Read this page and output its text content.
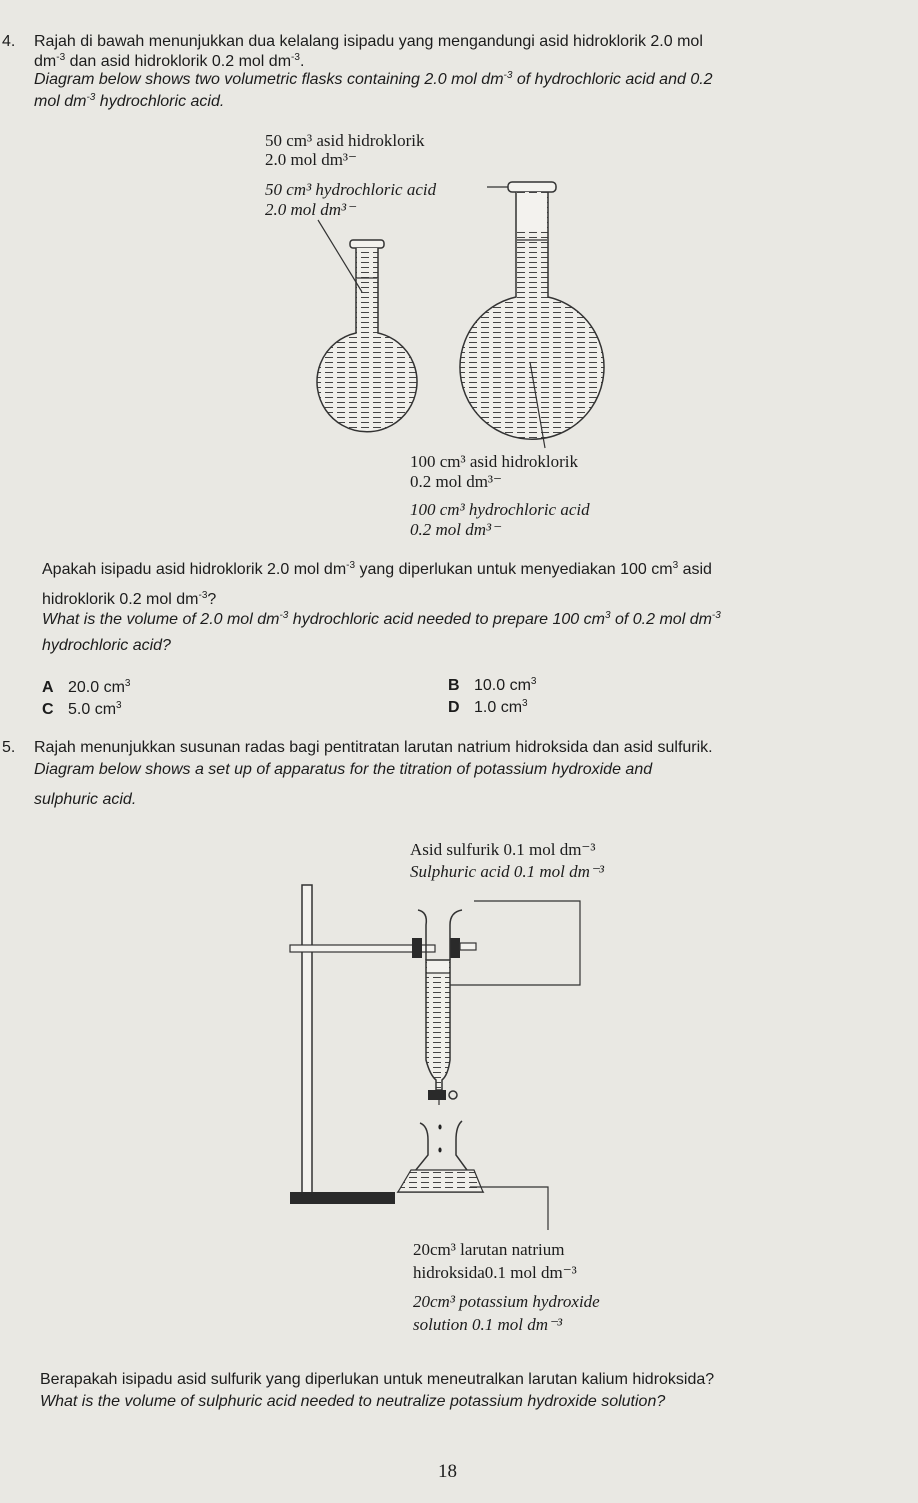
4. Rajah di bawah menunjukkan dua kelalang isipadu yang mengandungi asid hidroklorik 2.0 mol
$dm^{-3}$ dan asid hidroklorik 0.2 mol $dm^{-3}$.
Diagram below shows two volumetric flasks containing 2.0 mol $dm^{-3}$ of hydrochloric acid and 0.2
mol $dm^{-3}$ hydrochloric acid.
50 cm³ asid hidroklorik
2.0 mol dm³⁻
50 cm³ hydrochloric acid
2.0 mol dm³⁻
100 cm³ asid hidroklorik
0.2 mol dm³⁻
100 cm³ hydrochloric acid
0.2 mol dm³⁻
Apakah isipadu asid hidroklorik 2.0 mol $dm^{-3}$ yang diperlukan untuk menyediakan 100 $cm^3$ asid
hidroklorik 0.2 mol $dm^{-3}$?
What is the volume of 2.0 mol $dm^{-3}$ hydrochloric acid needed to prepare 100 $cm^3$ of 0.2 mol $dm^{-3}$
hydrochloric acid?
A 20.0 $cm^3$	B 10.0 $cm^3$
C 5.0 $cm^3$	D 1.0 $cm^3$
5. Rajah menunjukkan susunan radas bagi pentitratan larutan natrium hidroksida dan asid sulfurik.
Diagram below shows a set up of apparatus for the titration of potassium hydroxide and
sulphuric acid.
Asid sulfurik 0.1 mol dm⁻³
Sulphuric acid 0.1 mol dm⁻³
20cm³ larutan natrium
hidroksida0.1 mol dm⁻³
20cm³ potassium hydroxide
solution 0.1 mol dm⁻³
Berapakah isipadu asid sulfurik yang diperlukan untuk meneutralkan larutan kalium hidroksida?
What is the volume of sulphuric acid needed to neutralize potassium hydroxide solution?
18
